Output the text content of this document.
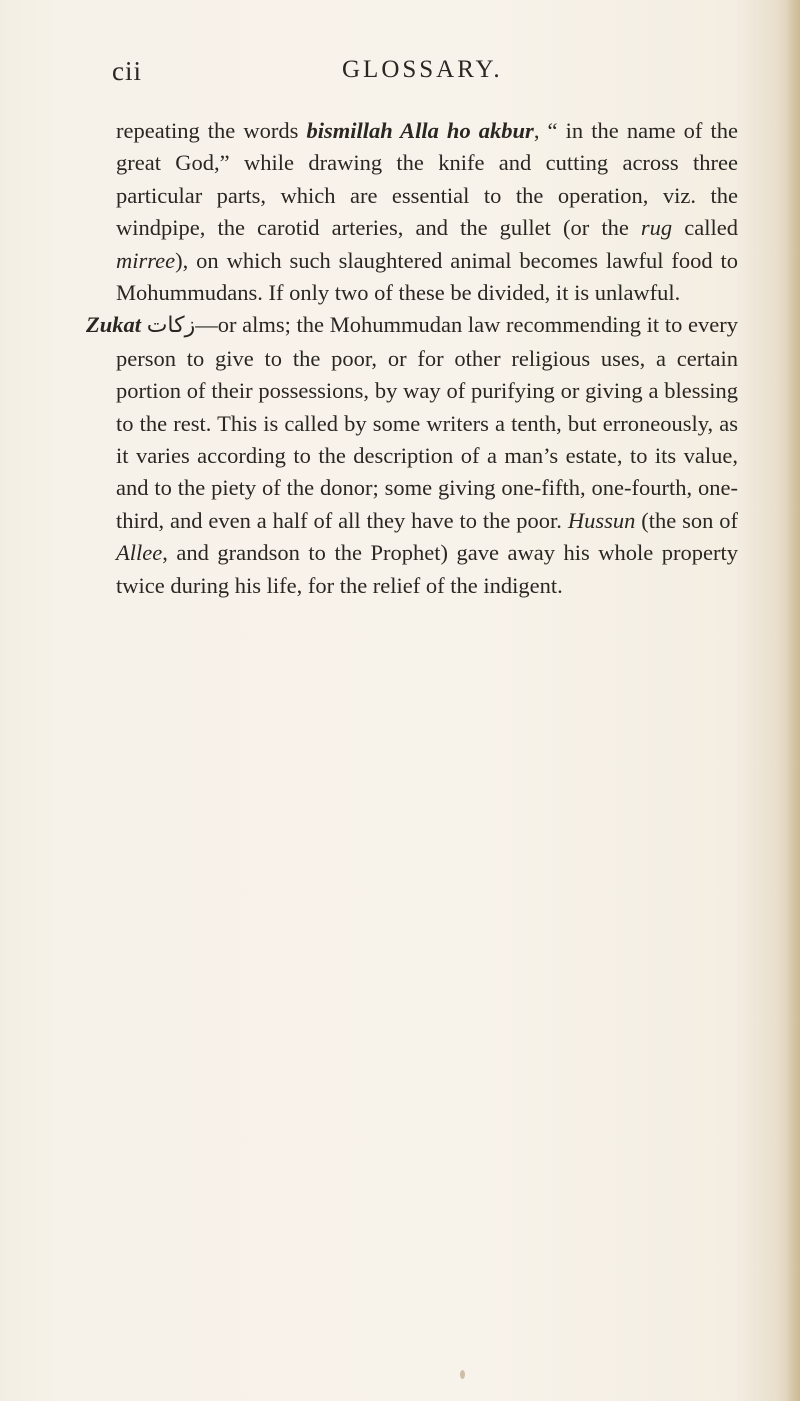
cii	GLOSSARY.

repeating the words bismillah Alla ho akbur, “ in the name of the great God,” while drawing the knife and cutting across three particular parts, which are essential to the operation, viz. the windpipe, the carotid arteries, and the gullet (or the rug called mirree), on which such slaughtered animal becomes lawful food to Mohummudans. If only two of these be divided, it is unlawful.

Zukat زكات—or alms; the Mohummudan law recommending it to every person to give to the poor, or for other religious uses, a certain portion of their possessions, by way of purifying or giving a blessing to the rest. This is called by some writers a tenth, but erroneously, as it varies according to the description of a man’s estate, to its value, and to the piety of the donor; some giving one-fifth, one-fourth, one-third, and even a half of all they have to the poor. Hussun (the son of Allee, and grandson to the Prophet) gave away his whole property twice during his life, for the relief of the indigent.
